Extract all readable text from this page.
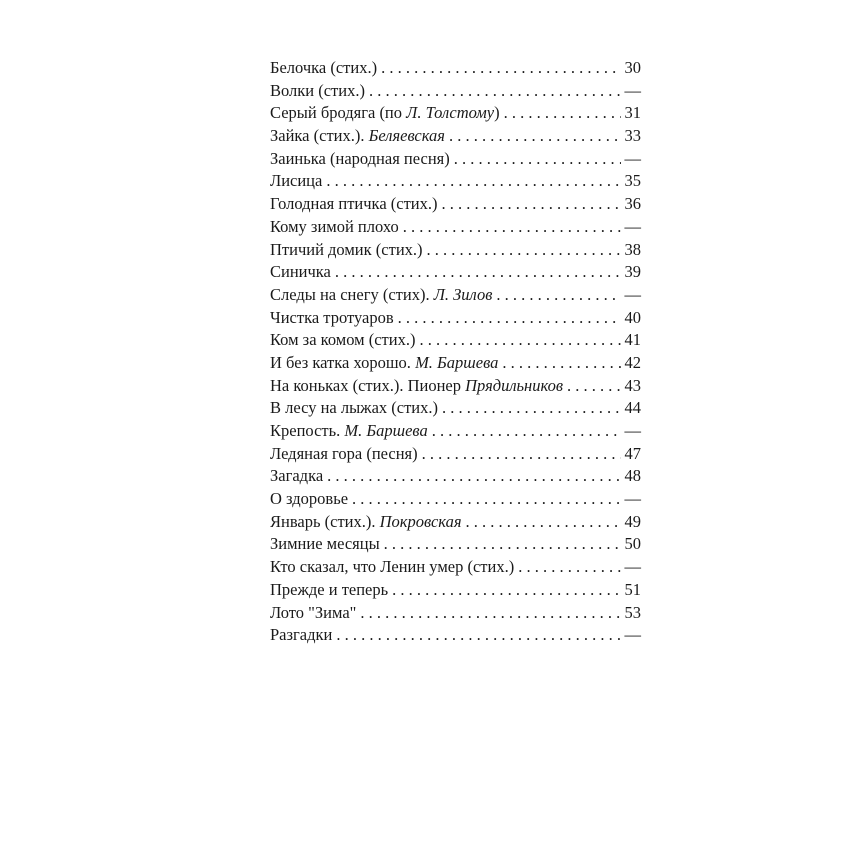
Белочка (стих.) . . .	30
Волки (стих.) . . .	—
Серый бродяга (по Л. Толстому) . . .	31
Зайка (стих.). Беляевская . . .	33
Заинька (народная песня) . . .	—
Лисица . . .	35
Голодная птичка (стих.) . . .	36
Кому зимой плохо . . .	—
Птичий домик (стих.) . . .	38
Синичка . . .	39
Следы на снегу (стих). Л. Зилов . . .	—
Чистка тротуаров . . .	40
Ком за комом (стих.) . . .	41
И без катка хорошо. М. Баршева . . .	42
На коньках (стих.). Пионер Прядильников . . .	43
В лесу на лыжах (стих.) . . .	44
Крепость. М. Баршева . . .	—
Ледяная гора (песня) . . .	47
Загадка . . .	48
О здоровье . . .	—
Январь (стих.). Покровская . . .	49
Зимние месяцы . . .	50
Кто сказал, что Ленин умер (стих.) . . .	—
Прежде и теперь . . .	51
Лото "Зима" . . .	53
Разгадки . . .	—
